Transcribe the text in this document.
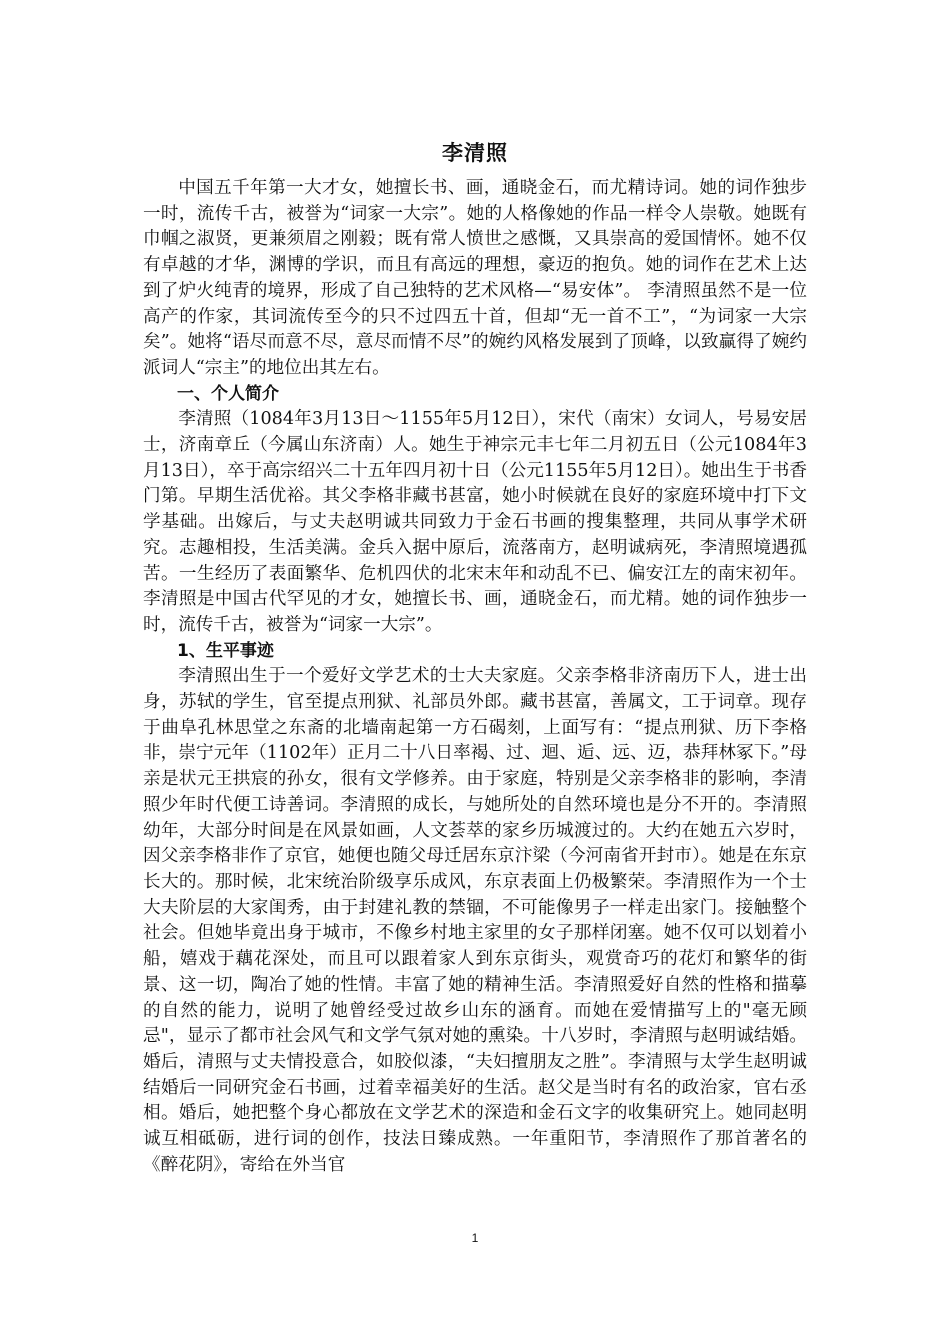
李清照

中国五千年第一大才女，她擅长书、画，通晓金石，而尤精诗词。她的词作独步一时，流传千古，被誉为“词家一大宗”。她的人格像她的作品一样令人崇敬。她既有巾帼之淑贤，更兼须眉之刚毅；既有常人愤世之感慨，又具崇高的爱国情怀。她不仅有卓越的才华，渊博的学识，而且有高远的理想，豪迈的抱负。她的词作在艺术上达到了炉火纯青的境界，形成了自己独特的艺术风格—“易安体”。 李清照虽然不是一位高产的作家，其词流传至今的只不过四五十首，但却“无一首不工”，“为词家一大宗矣”。她将“语尽而意不尽，意尽而情不尽”的婉约风格发展到了顶峰，以致赢得了婉约派词人“宗主”的地位出其左右。

一、个人简介

李清照（1084年3月13日～1155年5月12日），宋代（南宋）女词人，号易安居士，济南章丘（今属山东济南）人。她生于神宗元丰七年二月初五日（公元1084年3月13日），卒于高宗绍兴二十五年四月初十日（公元1155年5月12日）。她出生于书香门第。早期生活优裕。其父李格非藏书甚富，她小时候就在良好的家庭环境中打下文学基础。出嫁后，与丈夫赵明诚共同致力于金石书画的搜集整理，共同从事学术研究。志趣相投，生活美满。金兵入据中原后，流落南方，赵明诚病死，李清照境遇孤苦。一生经历了表面繁华、危机四伏的北宋末年和动乱不已、偏安江左的南宋初年。李清照是中国古代罕见的才女，她擅长书、画，通晓金石，而尤精。她的词作独步一时，流传千古，被誉为“词家一大宗”。

1、生平事迹

李清照出生于一个爱好文学艺术的士大夫家庭。父亲李格非济南历下人，进士出身，苏轼的学生，官至提点刑狱、礼部员外郎。藏书甚富，善属文，工于词章。现存于曲阜孔林思堂之东斋的北墙南起第一方石碣刻，上面写有：“提点刑狱、历下李格非，崇宁元年（1102年）正月二十八日率褐、过、迴、逅、远、迈，恭拜林冢下。”母亲是状元王拱宸的孙女，很有文学修养。由于家庭，特别是父亲李格非的影响，李清照少年时代便工诗善词。李清照的成长，与她所处的自然环境也是分不开的。李清照幼年，大部分时间是在风景如画，人文荟萃的家乡历城渡过的。大约在她五六岁时，因父亲李格非作了京官，她便也随父母迁居东京汴梁（今河南省开封市）。她是在东京长大的。那时候，北宋统治阶级享乐成风，东京表面上仍极繁荣。李清照作为一个士大夫阶层的大家闺秀，由于封建礼教的禁锢，不可能像男子一样走出家门。接触整个社会。但她毕竟出身于城市，不像乡村地主家里的女子那样闭塞。她不仅可以划着小船，嬉戏于藕花深处，而且可以跟着家人到东京街头，观赏奇巧的花灯和繁华的街景、这一切，陶冶了她的性情。丰富了她的精神生活。李清照爱好自然的性格和描摹的自然的能力，说明了她曾经受过故乡山东的涵育。而她在爱情描写上的"毫无顾忌"，显示了都市社会风气和文学气氛对她的熏染。十八岁时，李清照与赵明诚结婚。婚后，清照与丈夫情投意合，如胶似漆，“夫妇擅朋友之胜”。李清照与太学生赵明诚结婚后一同研究金石书画，过着幸福美好的生活。赵父是当时有名的政治家，官右丞相。婚后，她把整个身心都放在文学艺术的深造和金石文字的收集研究上。她同赵明诚互相砥砺，进行词的创作，技法日臻成熟。一年重阳节，李清照作了那首著名的《醉花阴》，寄给在外当官

1
